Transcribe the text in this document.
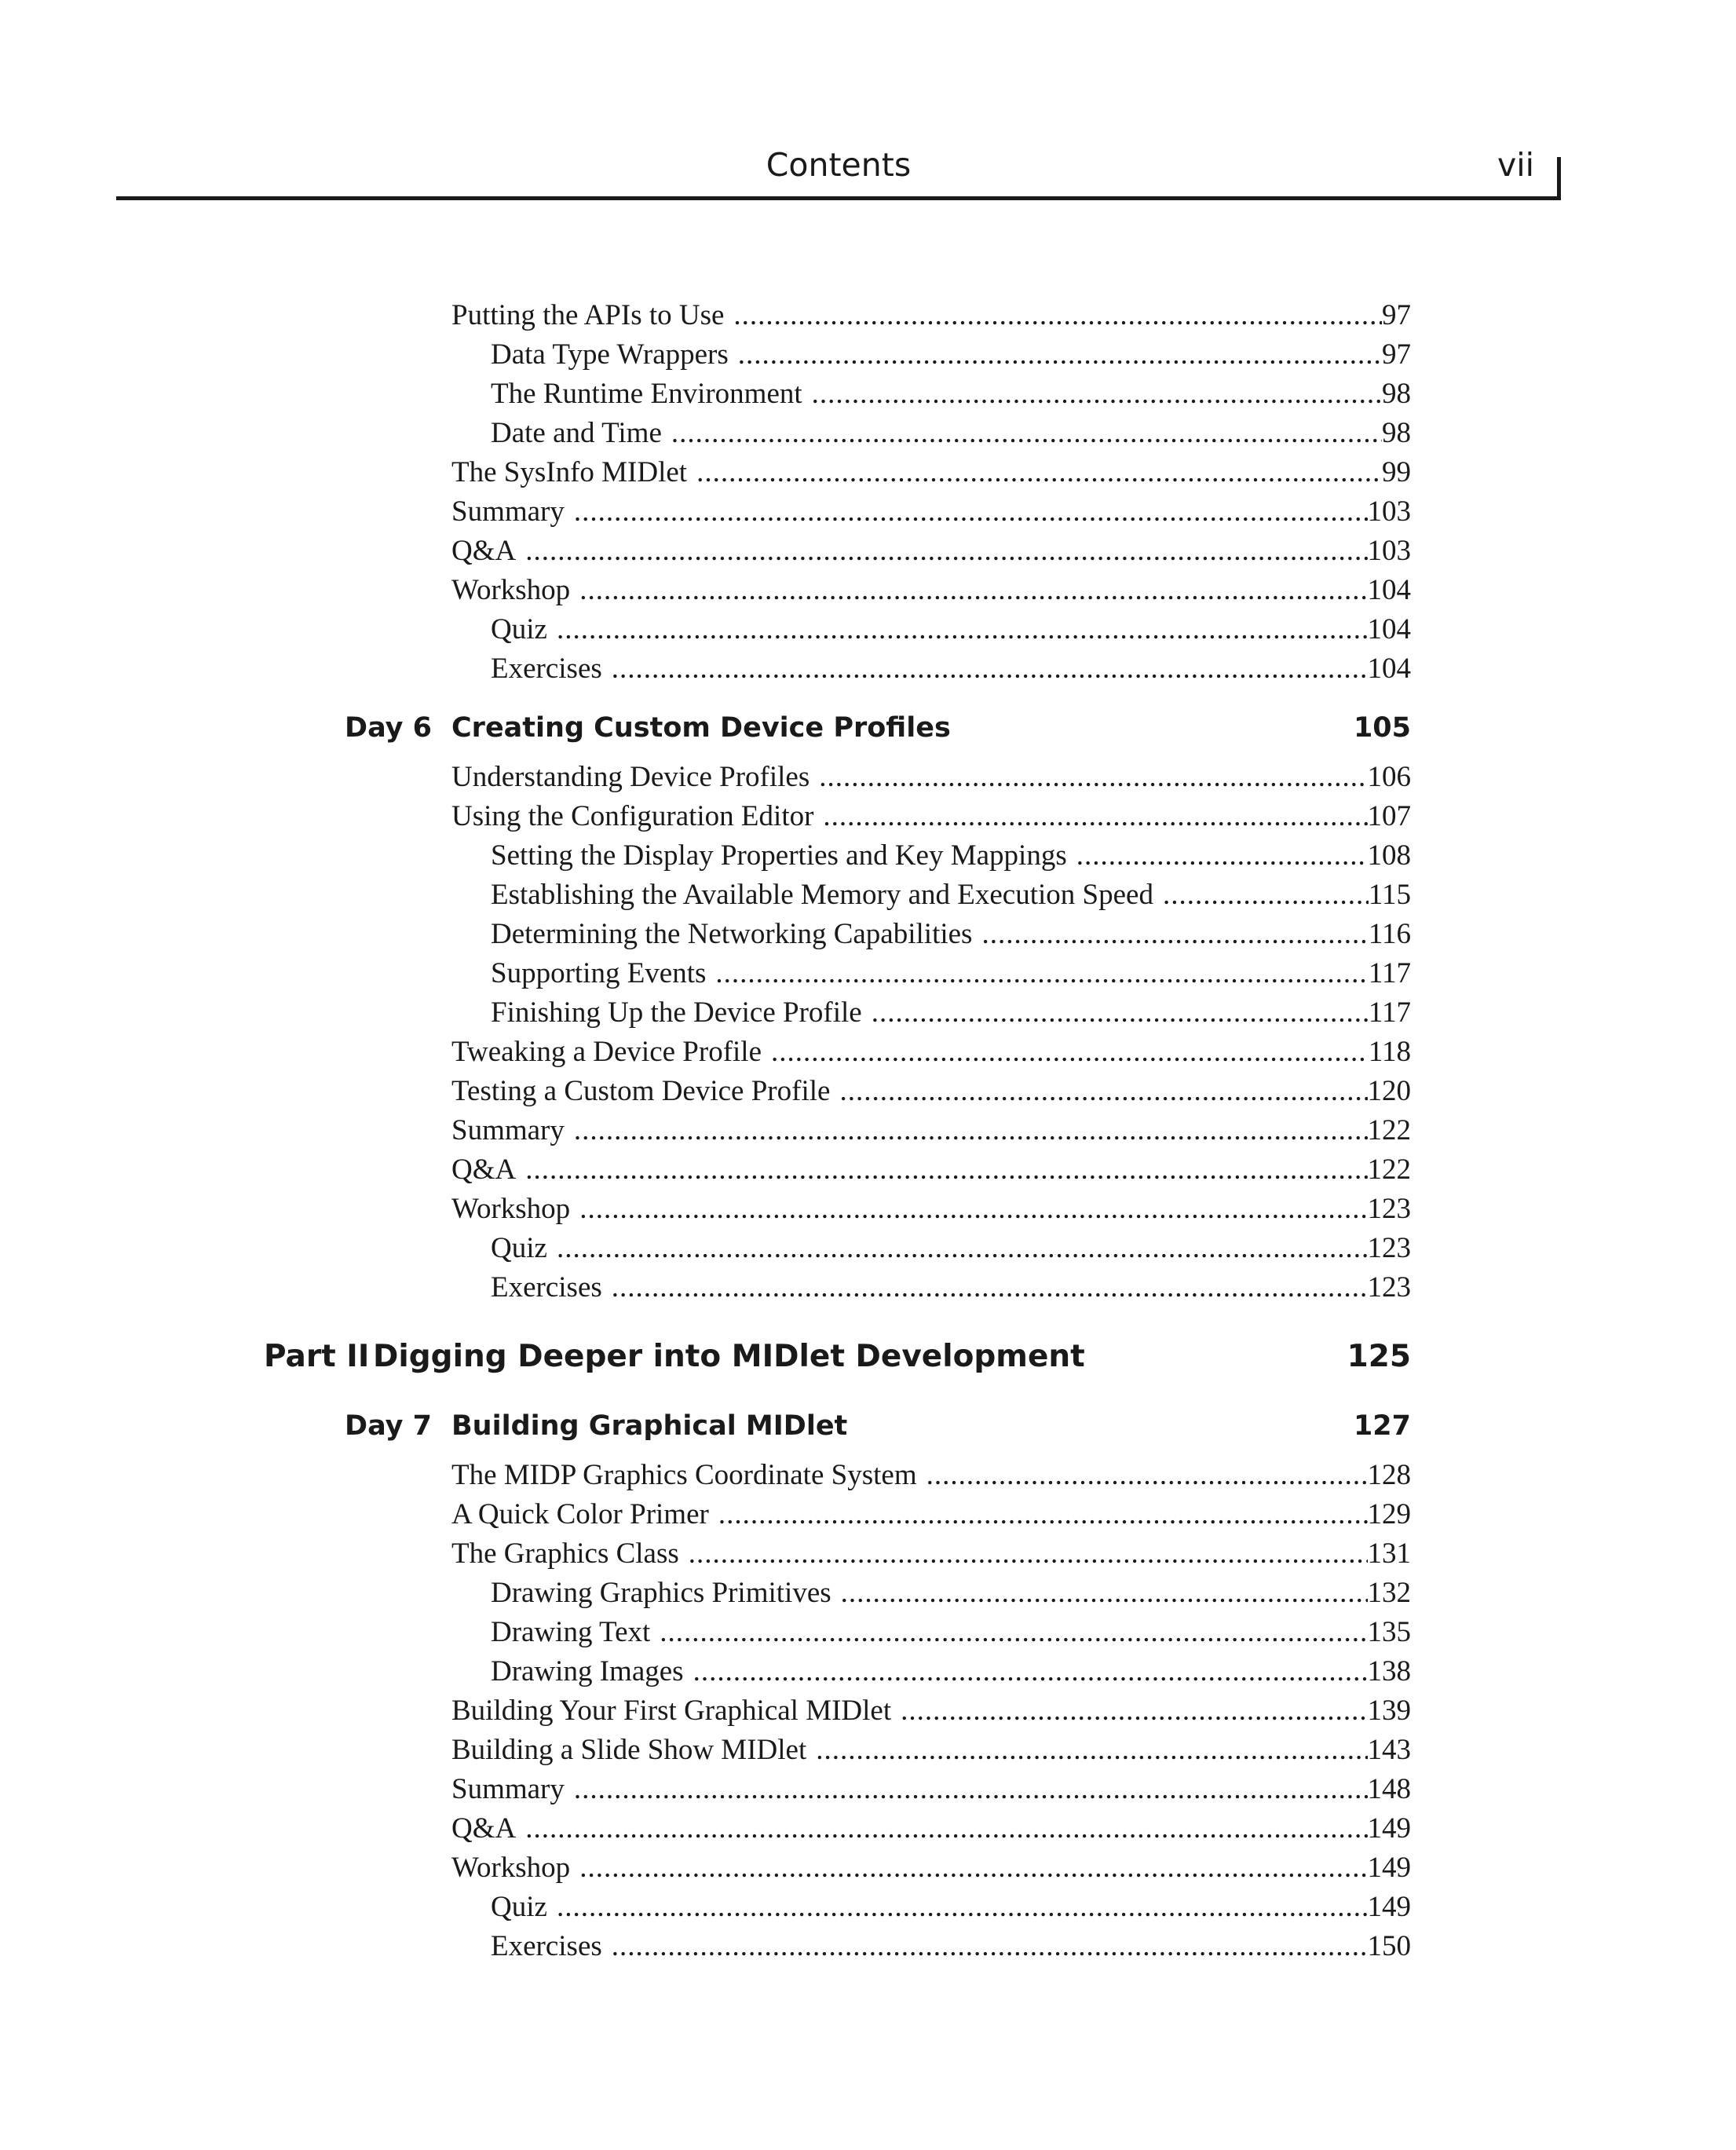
Contents	vii
Putting the APIs to Use .....	97
Data Type Wrappers .....	97
The Runtime Environment .....	98
Date and Time .....	98
The SysInfo MIDlet .....	99
Summary .....	103
Q&A .....	103
Workshop .....	104
Quiz .....	104
Exercises .....	104
Day 6 Creating Custom Device Profiles	105
Understanding Device Profiles .....	106
Using the Configuration Editor .....	107
Setting the Display Properties and Key Mappings .....	108
Establishing the Available Memory and Execution Speed .....	115
Determining the Networking Capabilities .....	116
Supporting Events .....	117
Finishing Up the Device Profile .....	117
Tweaking a Device Profile .....	118
Testing a Custom Device Profile .....	120
Summary .....	122
Q&A .....	122
Workshop .....	123
Quiz .....	123
Exercises .....	123
Part II Digging Deeper into MIDlet Development	125
Day 7 Building Graphical MIDlet	127
The MIDP Graphics Coordinate System .....	128
A Quick Color Primer .....	129
The Graphics Class .....	131
Drawing Graphics Primitives .....	132
Drawing Text .....	135
Drawing Images .....	138
Building Your First Graphical MIDlet .....	139
Building a Slide Show MIDlet .....	143
Summary .....	148
Q&A .....	149
Workshop .....	149
Quiz .....	149
Exercises .....	150
